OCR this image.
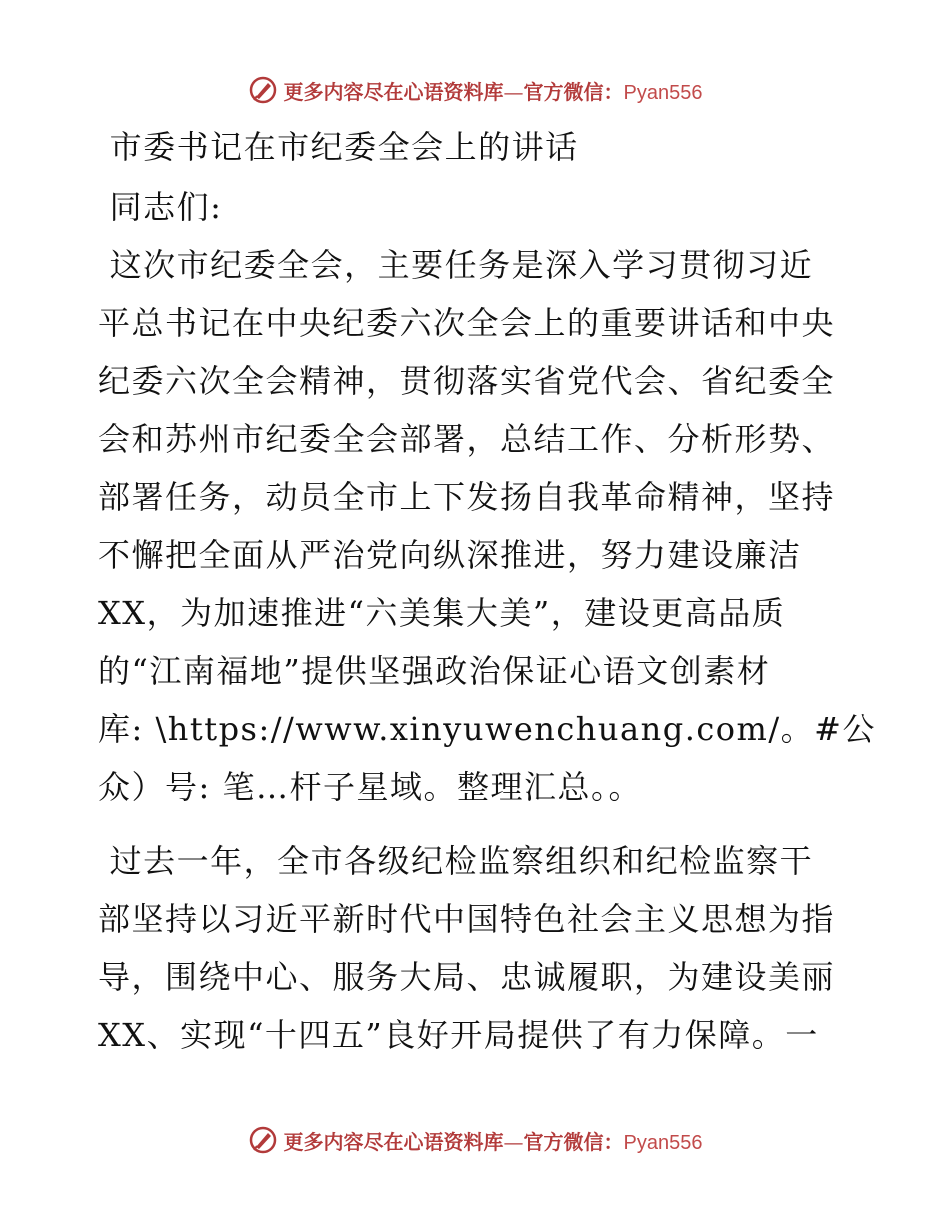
更多内容尽在心语资料库—官方微信：Pyan556
市委书记在市纪委全会上的讲话
同志们:
这次市纪委全会，主要任务是深入学习贯彻习近
平总书记在中央纪委六次全会上的重要讲话和中央
纪委六次全会精神，贯彻落实省党代会、省纪委全
会和苏州市纪委全会部署，总结工作、分析形势、
部署任务，动员全市上下发扬自我革命精神，坚持
不懈把全面从严治党向纵深推进，努力建设廉洁
XX，为加速推进“六美集大美”，建设更高品质
的“江南福地”提供坚强政治保证心语文创素材
库: \https://www.xinyuwenchuang.com/。#公
众）号: 笔…杆子星域。整理汇总。。
过去一年，全市各级纪检监察组织和纪检监察干
部坚持以习近平新时代中国特色社会主义思想为指
导，围绕中心、服务大局、忠诚履职，为建设美丽
XX、实现“十四五”良好开局提供了有力保障。一
更多内容尽在心语资料库—官方微信：Pyan556
